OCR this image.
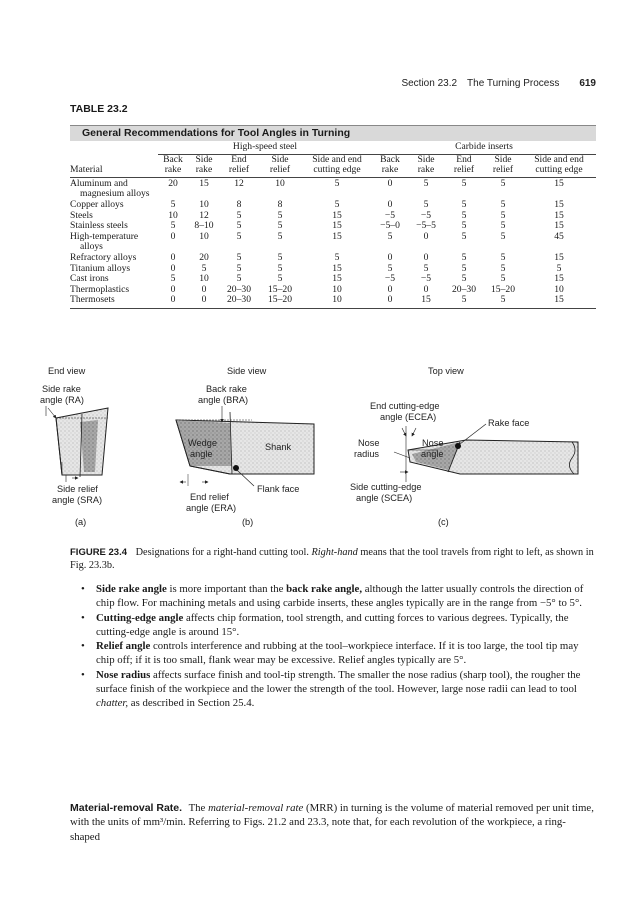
Section 23.2 The Turning Process 619
TABLE 23.2
General Recommendations for Tool Angles in Turning
	High-speed steel					Carbide inserts				
	Back	Side	End	Side	Side and end	Back	Side	End	Side	Side and end
Material	rake	rake	relief	relief	cutting edge	rake	rake	relief	relief	cutting edge
Aluminum and
magnesium alloys	20	15	12	10	5	0	5	5	5	15
Copper alloys	5	10	8	8	5	0	5	5	5	15
Steels	10	12	5	5	15	−5	−5	5	5	15
Stainless steels	5	8–10	5	5	15	−5–0	−5–5	5	5	15
High-temperature
alloys	0	10	5	5	15	5	0	5	5	45
Refractory alloys	0	20	5	5	5	0	0	5	5	15
Titanium alloys	0	5	5	5	15	5	5	5	5	5
Cast irons	5	10	5	5	15	−5	−5	5	5	15
Thermoplastics	0	0	20–30	15–20	10	0	0	20–30	15–20	10
Thermosets	0	0	20–30	15–20	10	0	15	5	5	15
End view	Side view	Top view
Side rake
angle (RA)
Side relief
angle (SRA)
(a)
Back rake
angle (BRA)
Wedge
angle
Shank
Flank face
End relief
angle (ERA)
(b)
End cutting-edge
angle (ECEA)
Rake face
Nose
radius
Nose
angle
Side cutting-edge
angle (SCEA)
(c)
FIGURE 23.4 Designations for a right-hand cutting tool. Right-hand means that the tool travels from right to left, as shown in Fig. 23.3b.
• Side rake angle is more important than the back rake angle, although the latter usually controls the direction of chip flow. For machining metals and using carbide inserts, these angles typically are in the range from −5° to 5°.
• Cutting-edge angle affects chip formation, tool strength, and cutting forces to various degrees. Typically, the cutting-edge angle is around 15°.
• Relief angle controls interference and rubbing at the tool–workpiece interface. If it is too large, the tool tip may chip off; if it is too small, flank wear may be excessive. Relief angles typically are 5°.
• Nose radius affects surface finish and tool-tip strength. The smaller the nose radius (sharp tool), the rougher the surface finish of the workpiece and the lower the strength of the tool. However, large nose radii can lead to tool chatter, as described in Section 25.4.

Material-removal Rate. The material-removal rate (MRR) in turning is the volume of material removed per unit time, with the units of mm³/min. Referring to Figs. 21.2 and 23.3, note that, for each revolution of the workpiece, a ring-shaped
